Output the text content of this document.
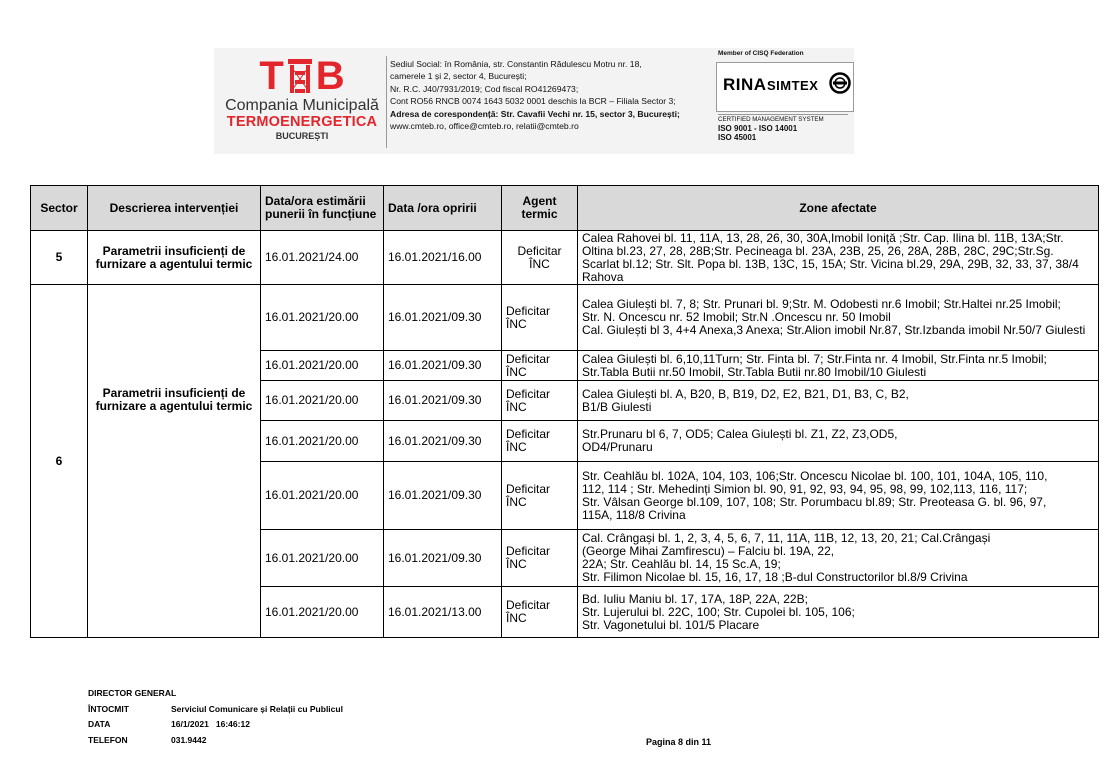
T B
Compania Municipală
TERMOENERGETICA
BUCUREȘTI
Sediul Social: în România, str. Constantin Rădulescu Motru nr. 18,
camerele 1 și 2, sector 4, București;
Nr. R.C. J40/7931/2019; Cod fiscal RO41269473;
Cont RO56 RNCB 0074 1643 5032 0001 deschis la BCR – Filiala Sector 3;
Adresa de corespondență: Str. Cavafii Vechi nr. 15, sector 3, București;
www.cmteb.ro, office@cmteb.ro, relatii@cmteb.ro
Member of CISQ Federation
RINA SIMTEX
CERTIFIED MANAGEMENT SYSTEM
ISO 9001 - ISO 14001
ISO 45001
Sector	Descrierea intervenției	Data/ora estimării punerii în funcțiune	Data /ora opririi	Agent termic	Zone afectate
5	Parametrii insuficienți de furnizare a agentului termic	16.01.2021/24.00	16.01.2021/16.00	Deficitar ÎNC	Calea Rahovei bl. 11, 11A, 13, 28, 26, 30, 30A,Imobil Ioniță ;Str. Cap. Ilina bl. 11B, 13A;Str. Oltina bl.23, 27, 28, 28B;Str. Pecineaga bl. 23A, 23B, 25, 26, 28A, 28B, 28C, 29C;Str.Sg. Scarlat bl.12; Str. Slt. Popa bl. 13B, 13C, 15, 15A; Str. Vicina bl.29, 29A, 29B, 32, 33, 37, 38/4 Rahova
6	Parametrii insuficienți de furnizare a agentului termic	16.01.2021/20.00	16.01.2021/09.30	Deficitar ÎNC	Calea Giulești bl. 7, 8; Str. Prunari bl. 9;Str. M. Odobesti nr.6 Imobil; Str.Haltei nr.25 Imobil;
Str. N. Oncescu nr. 52 Imobil; Str.N .Oncescu nr. 50 Imobil
Cal. Giulești bl 3, 4+4 Anexa,3 Anexa; Str.Alion imobil Nr.87, Str.Izbanda imobil Nr.50/7 Giulesti
		16.01.2021/20.00	16.01.2021/09.30	Deficitar ÎNC	Calea Giulești bl. 6,10,11Turn; Str. Finta bl. 7; Str.Finta nr. 4 Imobil, Str.Finta nr.5 Imobil; Str.Tabla Butii nr.50 Imobil, Str.Tabla Butii nr.80 Imobil/10 Giulesti
		16.01.2021/20.00	16.01.2021/09.30	Deficitar ÎNC	Calea Giulești bl. A, B20, B, B19, D2, E2, B21, D1, B3, C, B2,
B1/B Giulesti
		16.01.2021/20.00	16.01.2021/09.30	Deficitar ÎNC	Str.Prunaru bl 6, 7, OD5; Calea Giulești bl. Z1, Z2, Z3,OD5,
OD4/Prunaru
		16.01.2021/20.00	16.01.2021/09.30	Deficitar ÎNC	Str. Ceahlău bl. 102A, 104, 103, 106;Str. Oncescu Nicolae bl. 100, 101, 104A, 105, 110,
112, 114 ; Str. Mehedinți Simion bl. 90, 91, 92, 93, 94, 95, 98, 99, 102,113, 116, 117;
Str. Vâlsan George bl.109, 107, 108; Str. Porumbacu bl.89; Str. Preoteasa G. bl. 96, 97,
115A, 118/8 Crivina
		16.01.2021/20.00	16.01.2021/09.30	Deficitar ÎNC	Cal. Crângași bl. 1, 2, 3, 4, 5, 6, 7, 11, 11A, 11B, 12, 13, 20, 21; Cal.Crângași
(George Mihai Zamfirescu) – Falciu bl. 19A, 22,
22A; Str. Ceahlău bl. 14, 15 Sc.A, 19;
Str. Filimon Nicolae bl. 15, 16, 17, 18 ;B-dul Constructorilor bl.8/9 Crivina
		16.01.2021/20.00	16.01.2021/13.00	Deficitar ÎNC	Bd. Iuliu Maniu bl. 17, 17A, 18P, 22A, 22B;
Str. Lujerului bl. 22C, 100; Str. Cupolei bl. 105, 106;
Str. Vagonetului bl. 101/5 Placare
DIRECTOR GENERAL
ÎNTOCMIT	Serviciul Comunicare și Relații cu Publicul
DATA	16/1/2021   16:46:12
TELEFON	031.9442	Pagina 8 din 11
